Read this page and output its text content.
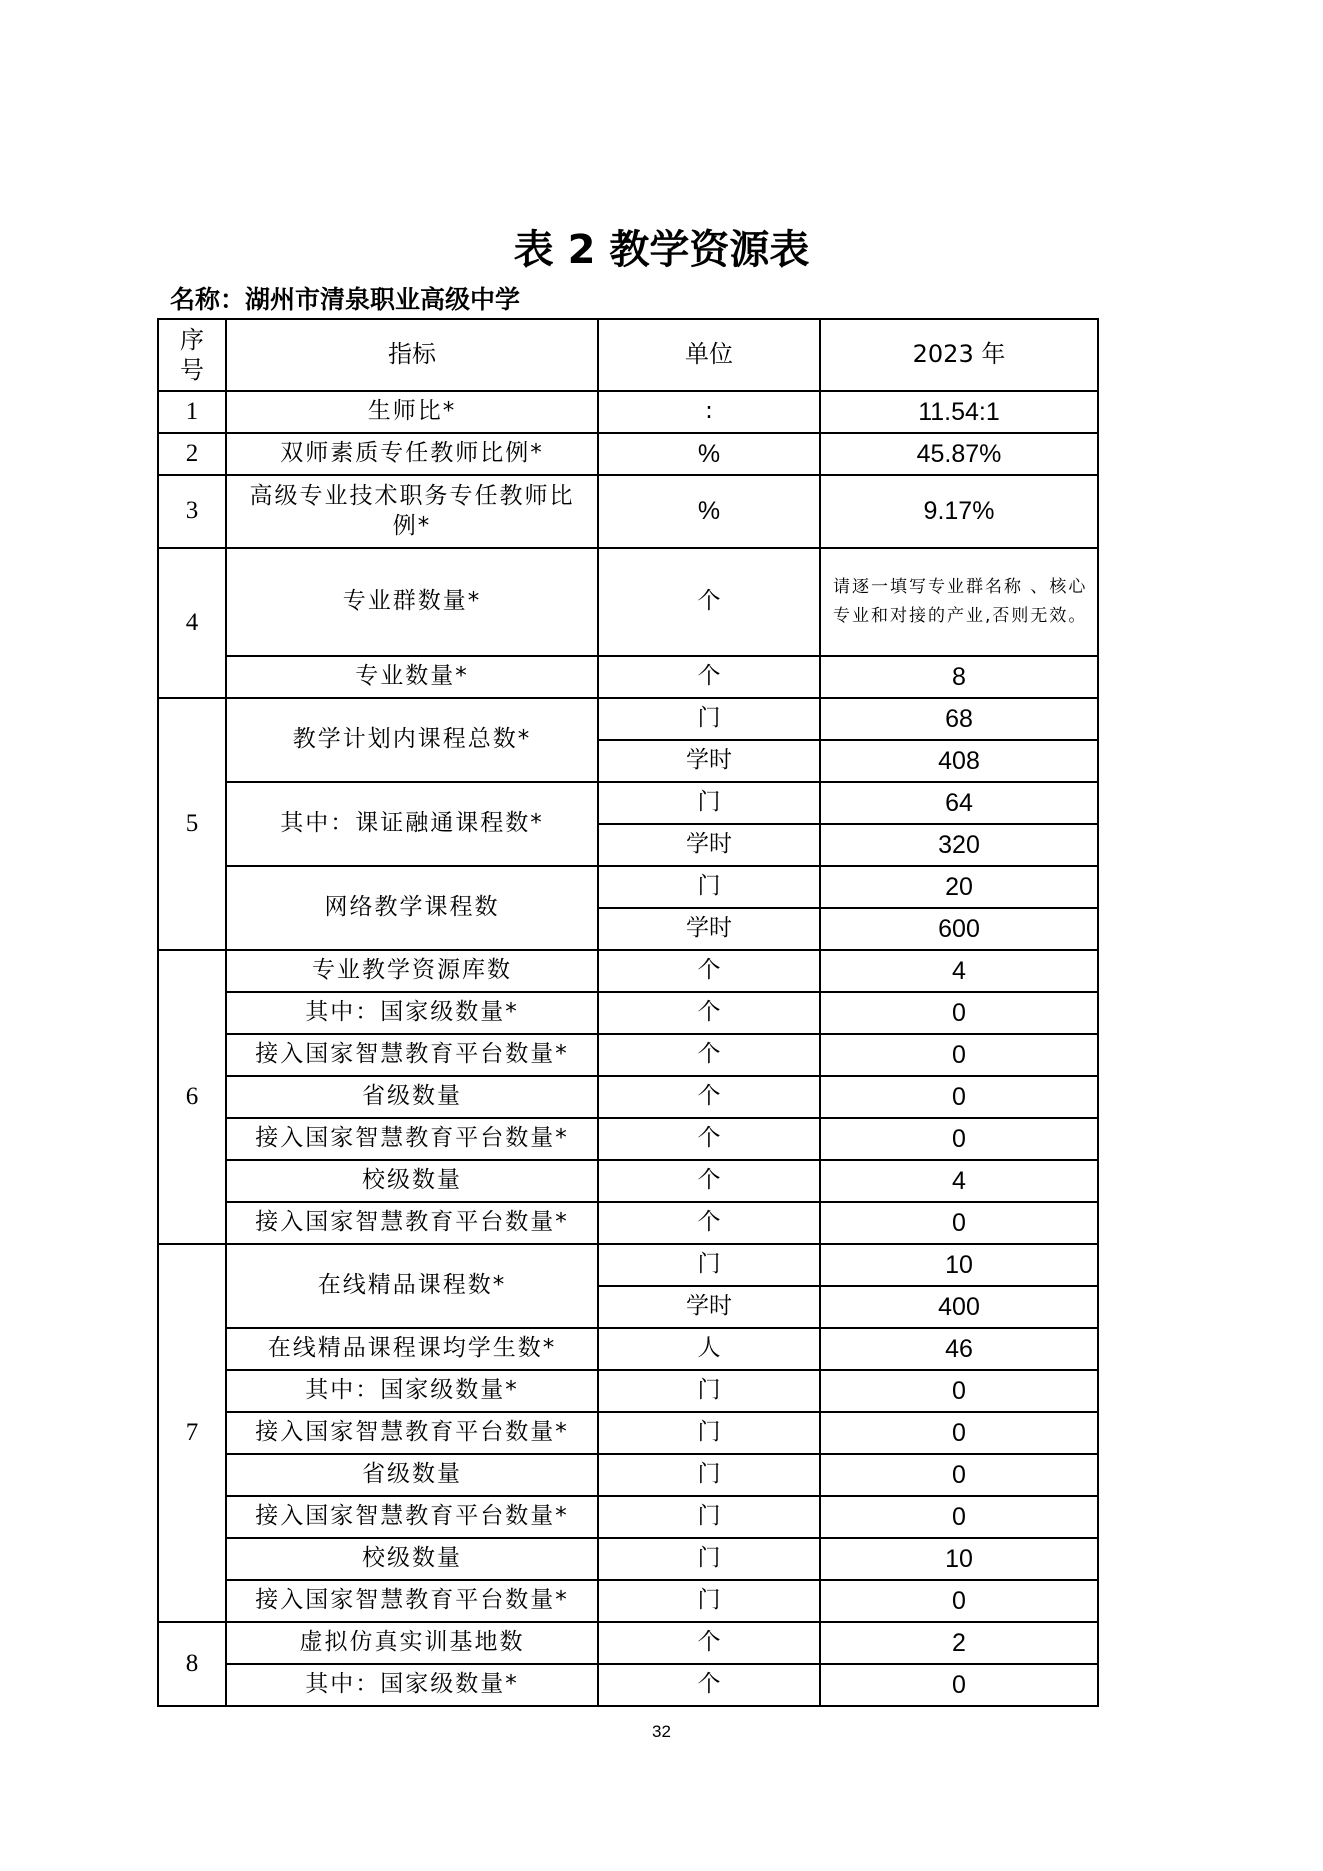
表 2 教学资源表
名称：湖州市清泉职业高级中学
序号	指标	单位	2023 年
1	生师比*	:	11.54:1
2	双师素质专任教师比例*	%	45.87%
3	高级专业技术职务专任教师比例*	%	9.17%
4	专业群数量*	个	请逐一填写专业群名称 、核心专业和对接的产业,否则无效。
	专业数量*	个	8
5	教学计划内课程总数*	门	68
		学时	408
	其中：课证融通课程数*	门	64
		学时	320
	网络教学课程数	门	20
		学时	600
6	专业教学资源库数	个	4
	其中：国家级数量*	个	0
	接入国家智慧教育平台数量*	个	0
	省级数量	个	0
	接入国家智慧教育平台数量*	个	0
	校级数量	个	4
	接入国家智慧教育平台数量*	个	0
7	在线精品课程数*	门	10
		学时	400
	在线精品课程课均学生数*	人	46
	其中：国家级数量*	门	0
	接入国家智慧教育平台数量*	门	0
	省级数量	门	0
	接入国家智慧教育平台数量*	门	0
	校级数量	门	10
	接入国家智慧教育平台数量*	门	0
8	虚拟仿真实训基地数	个	2
	其中：国家级数量*	个	0
32
